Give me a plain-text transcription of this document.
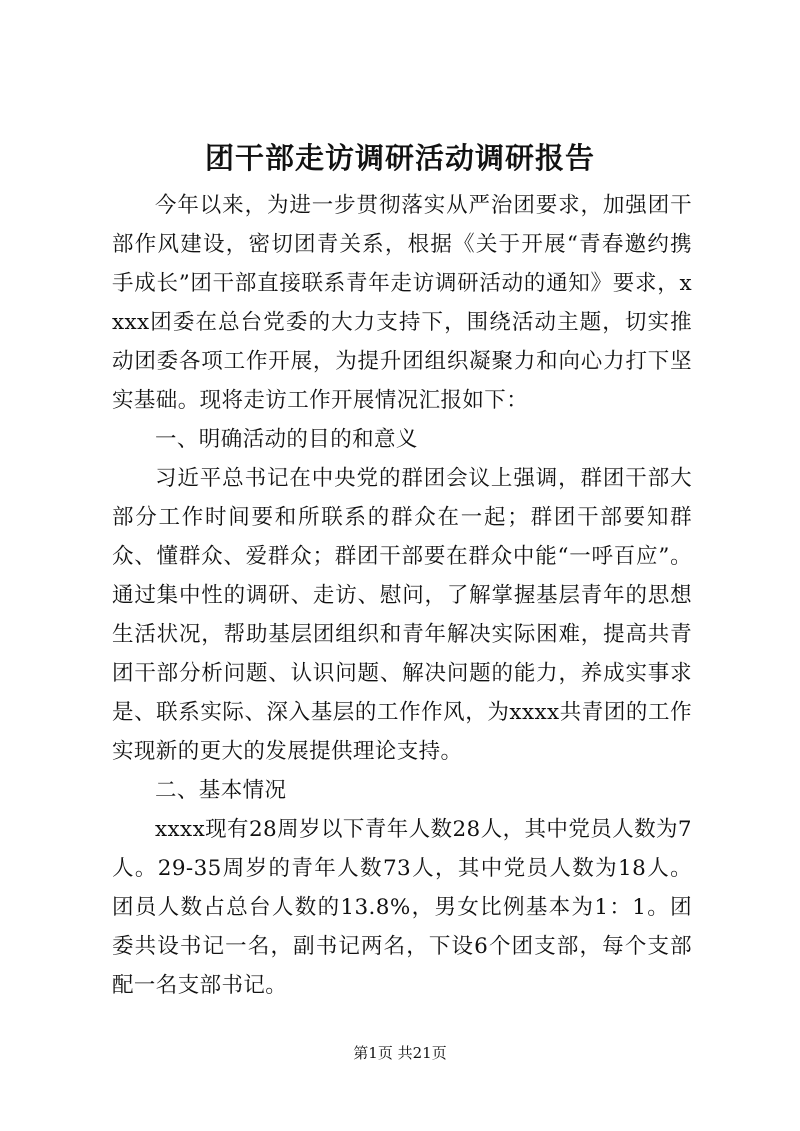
团干部走访调研活动调研报告

今年以来，为进一步贯彻落实从严治团要求，加强团干部作风建设，密切团青关系，根据《关于开展“青春邀约携手成长”团干部直接联系青年走访调研活动的通知》要求，xxxx团委在总台党委的大力支持下，围绕活动主题，切实推动团委各项工作开展，为提升团组织凝聚力和向心力打下坚实基础。现将走访工作开展情况汇报如下：

一、明确活动的目的和意义

习近平总书记在中央党的群团会议上强调，群团干部大部分工作时间要和所联系的群众在一起；群团干部要知群众、懂群众、爱群众；群团干部要在群众中能“一呼百应”。通过集中性的调研、走访、慰问，了解掌握基层青年的思想生活状况，帮助基层团组织和青年解决实际困难，提高共青团干部分析问题、认识问题、解决问题的能力，养成实事求是、联系实际、深入基层的工作作风，为xxxx共青团的工作实现新的更大的发展提供理论支持。

二、基本情况

xxxx现有28周岁以下青年人数28人，其中党员人数为7人。29-35周岁的青年人数73人，其中党员人数为18人。团员人数占总台人数的13.8%，男女比例基本为1：1。团委共设书记一名，副书记两名，下设6个团支部，每个支部配一名支部书记。

第1页 共21页
